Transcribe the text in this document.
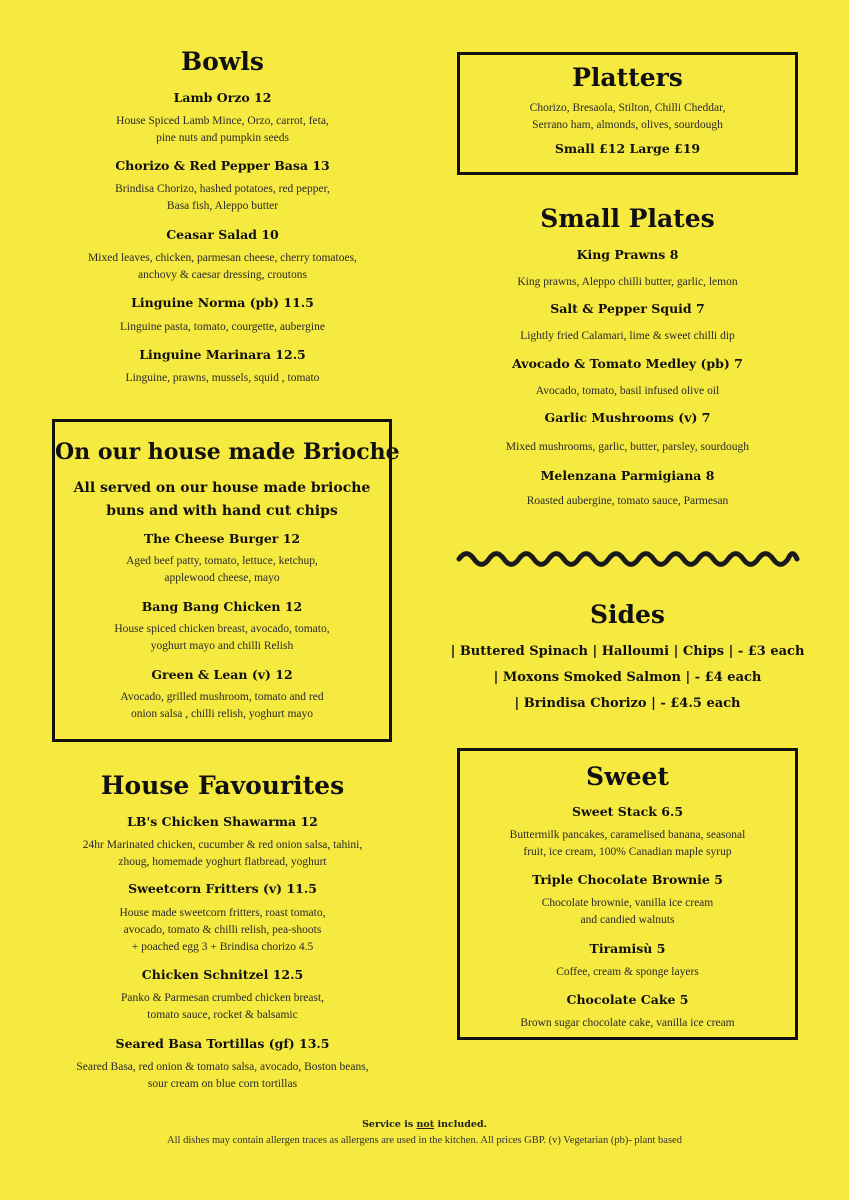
Bowls

Lamb Orzo 12

House Spiced Lamb Mince, Orzo, carrot, feta,

pine nuts and pumpkin seeds

Chorizo & Red Pepper Basa 13

Brindisa Chorizo, hashed potatoes, red pepper,

Basa fish, Aleppo butter

Ceasar Salad 10

Mixed leaves, chicken, parmesan cheese, cherry tomatoes,

anchovy & caesar dressing, croutons

Linguine Norma (pb) 11.5

Linguine pasta, tomato, courgette, aubergine

Linguine Marinara 12.5

Linguine, prawns, mussels, squid , tomato

On our house made Brioche

All served on our house made brioche

buns and with hand cut chips

The Cheese Burger 12

Aged beef patty, tomato, lettuce, ketchup,

applewood cheese, mayo

Bang Bang Chicken 12

House spiced chicken breast, avocado, tomato,

yoghurt mayo and chilli Relish

Green & Lean (v) 12

Avocado, grilled mushroom, tomato and red

onion salsa , chilli relish, yoghurt mayo

House Favourites

LB's Chicken Shawarma 12

24hr Marinated chicken, cucumber & red onion salsa, tahini,

zhoug, homemade yoghurt flatbread, yoghurt

Sweetcorn Fritters (v) 11.5

House made sweetcorn fritters, roast tomato,

avocado, tomato & chilli relish, pea-shoots

+ poached egg 3 + Brindisa chorizo 4.5

Chicken Schnitzel 12.5

Panko & Parmesan crumbed chicken breast,

tomato sauce, rocket & balsamic

Seared Basa Tortillas (gf) 13.5

Seared Basa, red onion & tomato salsa, avocado, Boston beans,

sour cream on blue corn tortillas

Platters

Chorizo, Bresaola, Stilton, Chilli Cheddar,

Serrano ham, almonds, olives, sourdough

Small £12 Large £19

Small Plates

King Prawns 8

King prawns, Aleppo chilli butter, garlic, lemon

Salt & Pepper Squid 7

Lightly fried Calamari, lime & sweet chilli dip

Avocado & Tomato Medley (pb) 7

Avocado, tomato, basil infused olive oil

Garlic Mushrooms (v) 7

Mixed mushrooms, garlic, butter, parsley, sourdough

Melenzana Parmigiana 8

Roasted aubergine, tomato sauce, Parmesan

Sides
| Buttered Spinach | Halloumi | Chips | - £3 each
| Moxons Smoked Salmon | - £4 each
| Brindisa Chorizo | - £4.5 each
Sweet

Sweet Stack 6.5

Buttermilk pancakes, caramelised banana, seasonal

fruit, ice cream, 100% Canadian maple syrup

Triple Chocolate Brownie 5

Chocolate brownie, vanilla ice cream

and candied walnuts

Tiramisù 5

Coffee, cream & sponge layers

Chocolate Cake 5

Brown sugar chocolate cake, vanilla ice cream

Service is not included.
All dishes may contain allergen traces as allergens are used in the kitchen. All prices GBP. (v) Vegetarian (pb)- plant based
